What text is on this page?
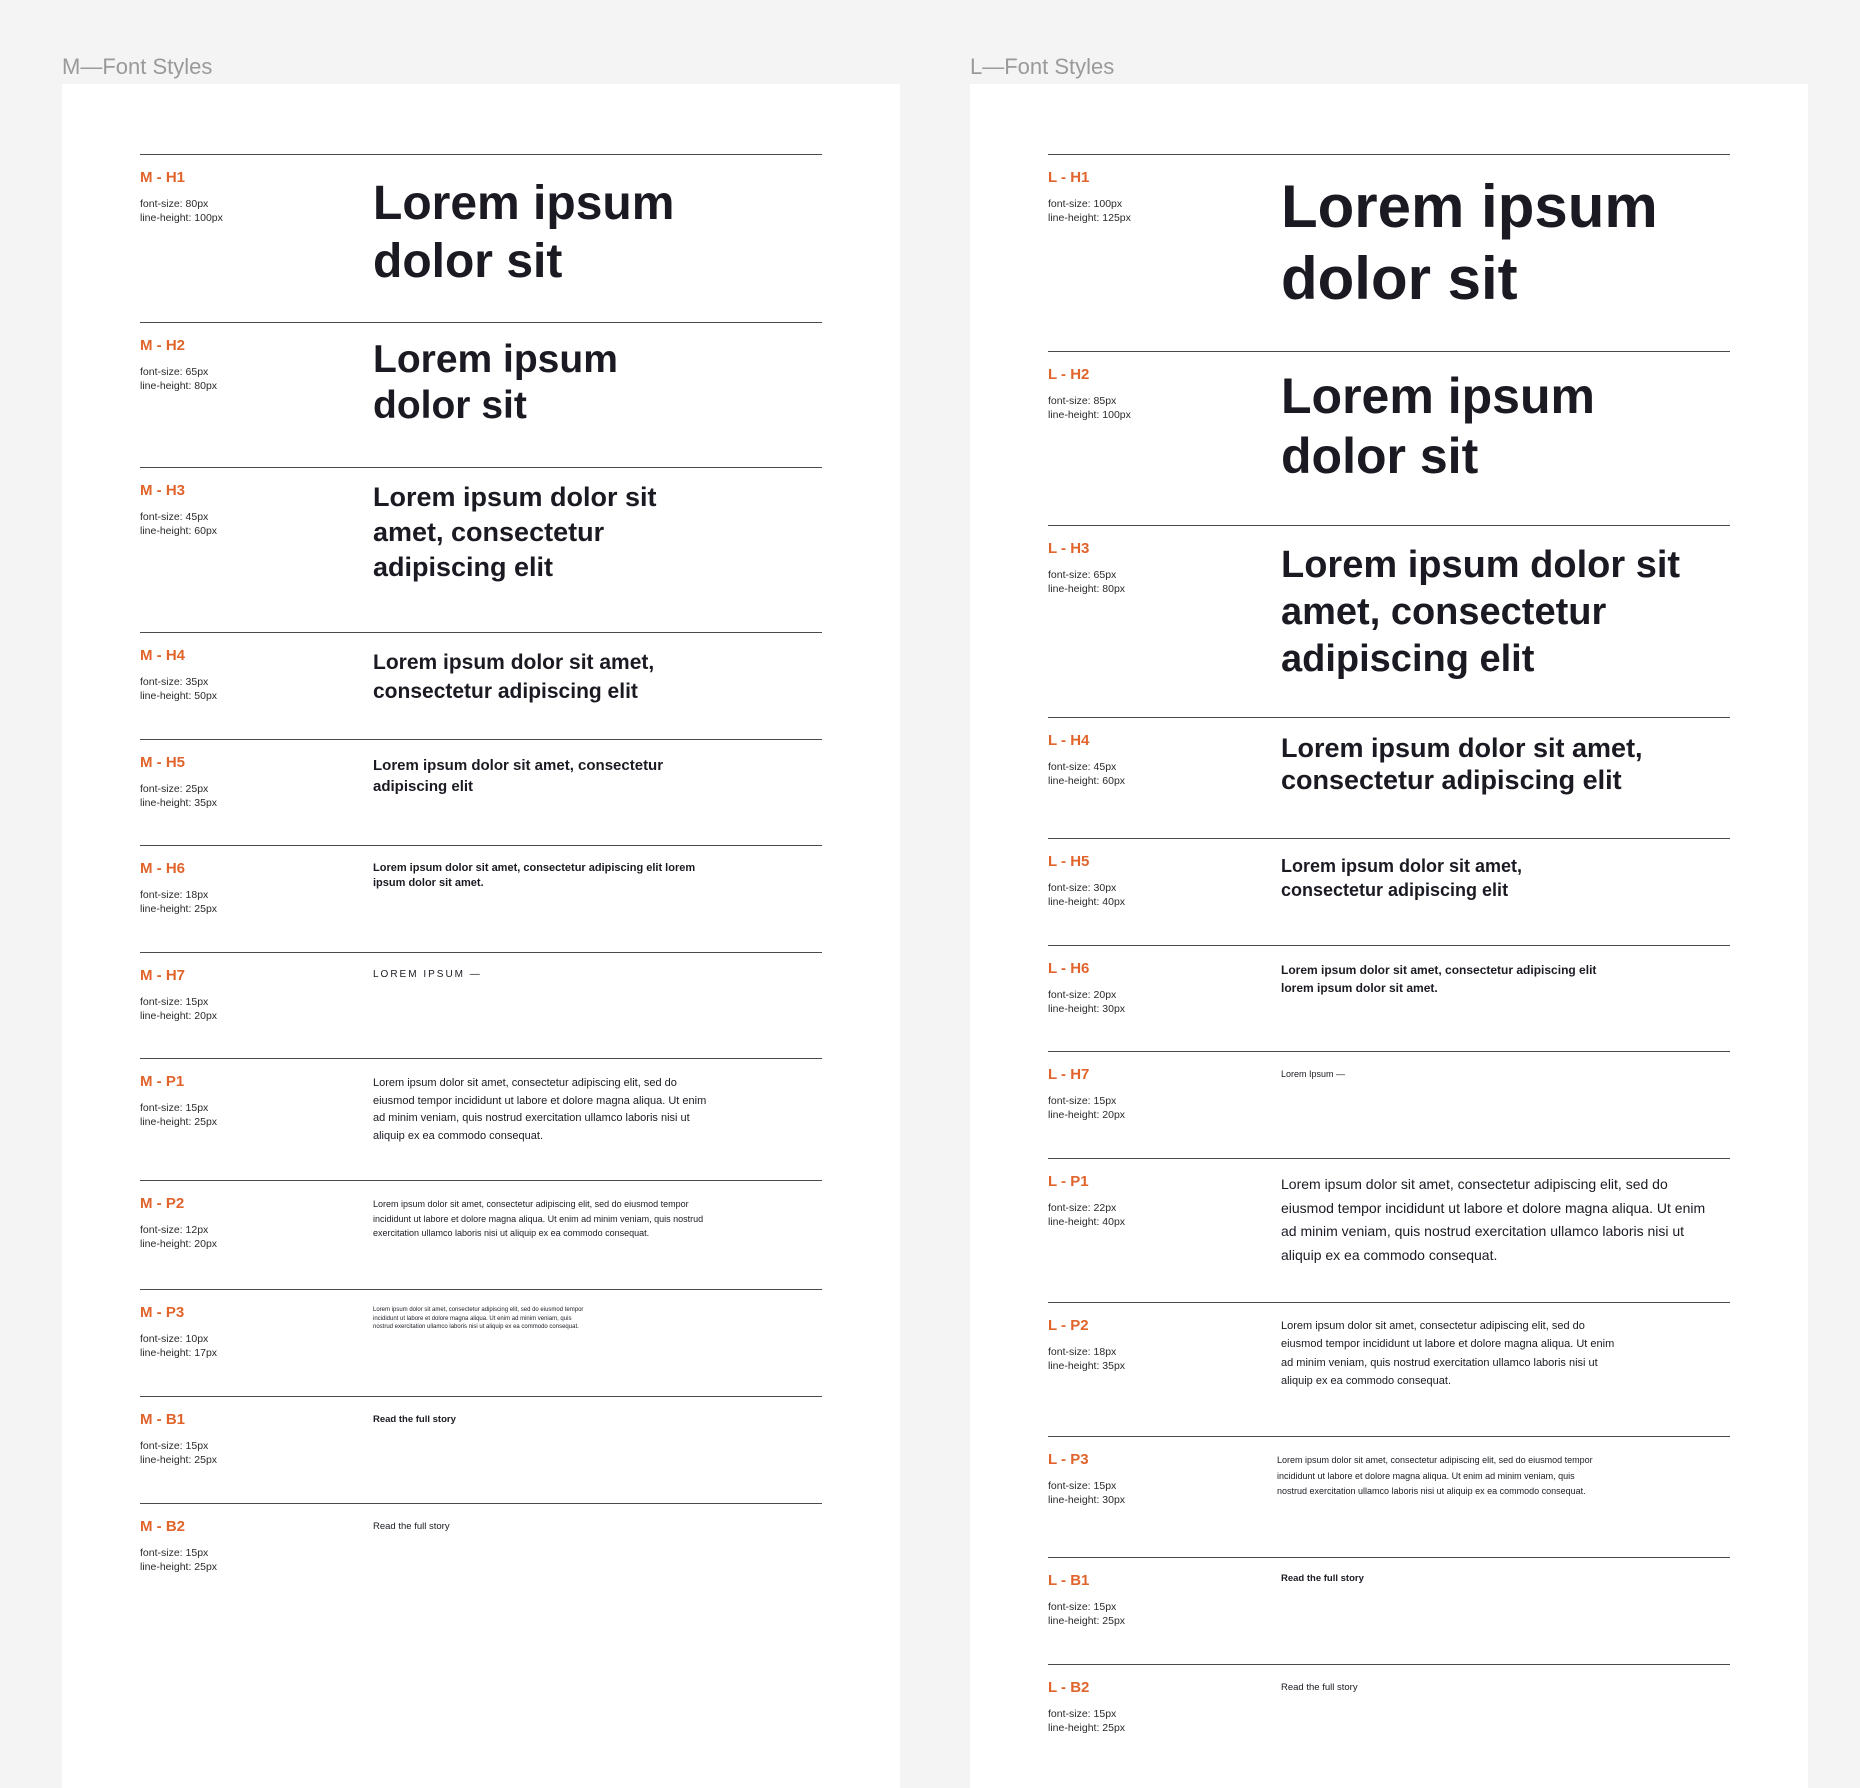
M—Font Styles	L—Font Styles
M - H1
font-size: 80px
line-height: 100px	Lorem ipsum dolor sit
M - H2
font-size: 65px
line-height: 80px
Lorem ipsum dolor sit
M - H3
font-size: 45px
line-height: 60px
Lorem ipsum dolor sit amet, consectetur adipiscing elit
M - H4
font-size: 35px
line-height: 50px
Lorem ipsum dolor sit amet, consectetur adipiscing elit
M - H5
font-size: 25px
line-height: 35px
Lorem ipsum dolor sit amet, consectetur adipiscing elit
M - H6
font-size: 18px
line-height: 25px
Lorem ipsum dolor sit amet, consectetur adipiscing elit lorem ipsum dolor sit amet.
M - H7
font-size: 15px
line-height: 20px
LOREM IPSUM —
M - P1
font-size: 15px
line-height: 25px
Lorem ipsum dolor sit amet, consectetur adipiscing elit, sed do eiusmod tempor incididunt ut labore et dolore magna aliqua. Ut enim ad minim veniam, quis nostrud exercitation ullamco laboris nisi ut aliquip ex ea commodo consequat.
M - P2
font-size: 12px
line-height: 20px
Lorem ipsum dolor sit amet, consectetur adipiscing elit, sed do eiusmod tempor incididunt ut labore et dolore magna aliqua. Ut enim ad minim veniam, quis nostrud exercitation ullamco laboris nisi ut aliquip ex ea commodo consequat.
M - P3
font-size: 10px
line-height: 17px
Lorem ipsum dolor sit amet, consectetur adipiscing elit, sed do eiusmod tempor incididunt ut labore et dolore magna aliqua. Ut enim ad minim veniam, quis nostrud exercitation ullamco laboris nisi ut aliquip ex ea commodo consequat.
M - B1
font-size: 15px
line-height: 25px
Read the full story
M - B2
font-size: 15px
line-height: 25px
Read the full story
L - H1
font-size: 100px
line-height: 125px	Lorem ipsum dolor sit
L - H2
font-size: 85px
line-height: 100px	Lorem ipsum dolor sit
L - H3
font-size: 65px
line-height: 80px
Lorem ipsum dolor sit amet, consectetur adipiscing elit
L - H4
font-size: 45px
line-height: 60px
Lorem ipsum dolor sit amet, consectetur adipiscing elit
L - H5
font-size: 30px
line-height: 40px
Lorem ipsum dolor sit amet, consectetur adipiscing elit
L - H6
font-size: 20px
line-height: 30px
Lorem ipsum dolor sit amet, consectetur adipiscing elit lorem ipsum dolor sit amet.
L - H7
font-size: 15px
line-height: 20px
Lorem Ipsum —
L - P1
font-size: 22px
line-height: 40px
Lorem ipsum dolor sit amet, consectetur adipiscing elit, sed do eiusmod tempor incididunt ut labore et dolore magna aliqua. Ut enim ad minim veniam, quis nostrud exercitation ullamco laboris nisi ut aliquip ex ea commodo consequat.
L - P2
font-size: 18px
line-height: 35px
Lorem ipsum dolor sit amet, consectetur adipiscing elit, sed do eiusmod tempor incididunt ut labore et dolore magna aliqua. Ut enim ad minim veniam, quis nostrud exercitation ullamco laboris nisi ut aliquip ex ea commodo consequat.
L - P3
font-size: 15px
line-height: 30px
Lorem ipsum dolor sit amet, consectetur adipiscing elit, sed do eiusmod tempor incididunt ut labore et dolore magna aliqua. Ut enim ad minim veniam, quis nostrud exercitation ullamco laboris nisi ut aliquip ex ea commodo consequat.
L - B1
font-size: 15px
line-height: 25px
Read the full story
L - B2
font-size: 15px
line-height: 25px
Read the full story
